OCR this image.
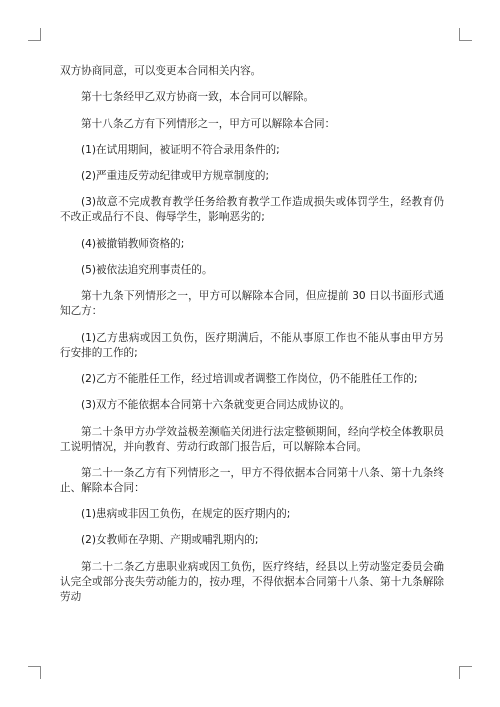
双方协商同意，可以变更本合同相关内容。

第十七条经甲乙双方协商一致，本合同可以解除。

第十八条乙方有下列情形之一，甲方可以解除本合同：

(1)在试用期间，被证明不符合录用条件的;

(2)严重违反劳动纪律或甲方规章制度的;

(3)故意不完成教育教学任务给教育教学工作造成损失或体罚学生，经教育仍不改正或品行不良、侮辱学生，影响恶劣的;

(4)被撤销教师资格的;

(5)被依法追究刑事责任的。

第十九条下列情形之一，甲方可以解除本合同，但应提前 30 日以书面形式通知乙方：

(1)乙方患病或因工负伤，医疗期满后，不能从事原工作也不能从事由甲方另行安排的工作的;

(2)乙方不能胜任工作，经过培训或者调整工作岗位，仍不能胜任工作的;

(3)双方不能依据本合同第十六条就变更合同达成协议的。

第二十条甲方办学效益极差濒临关闭进行法定整顿期间，经向学校全体教职员工说明情况，并向教育、劳动行政部门报告后，可以解除本合同。

第二十一条乙方有下列情形之一，甲方不得依据本合同第十八条、第十九条终止、解除本合同：

(1)患病或非因工负伤，在规定的医疗期内的;

(2)女教师在孕期、产期或哺乳期内的;

第二十二条乙方患职业病或因工负伤，医疗终结，经县以上劳动鉴定委员会确认完全或部分丧失劳动能力的，按办理，不得依据本合同第十八条、第十九条解除劳动
